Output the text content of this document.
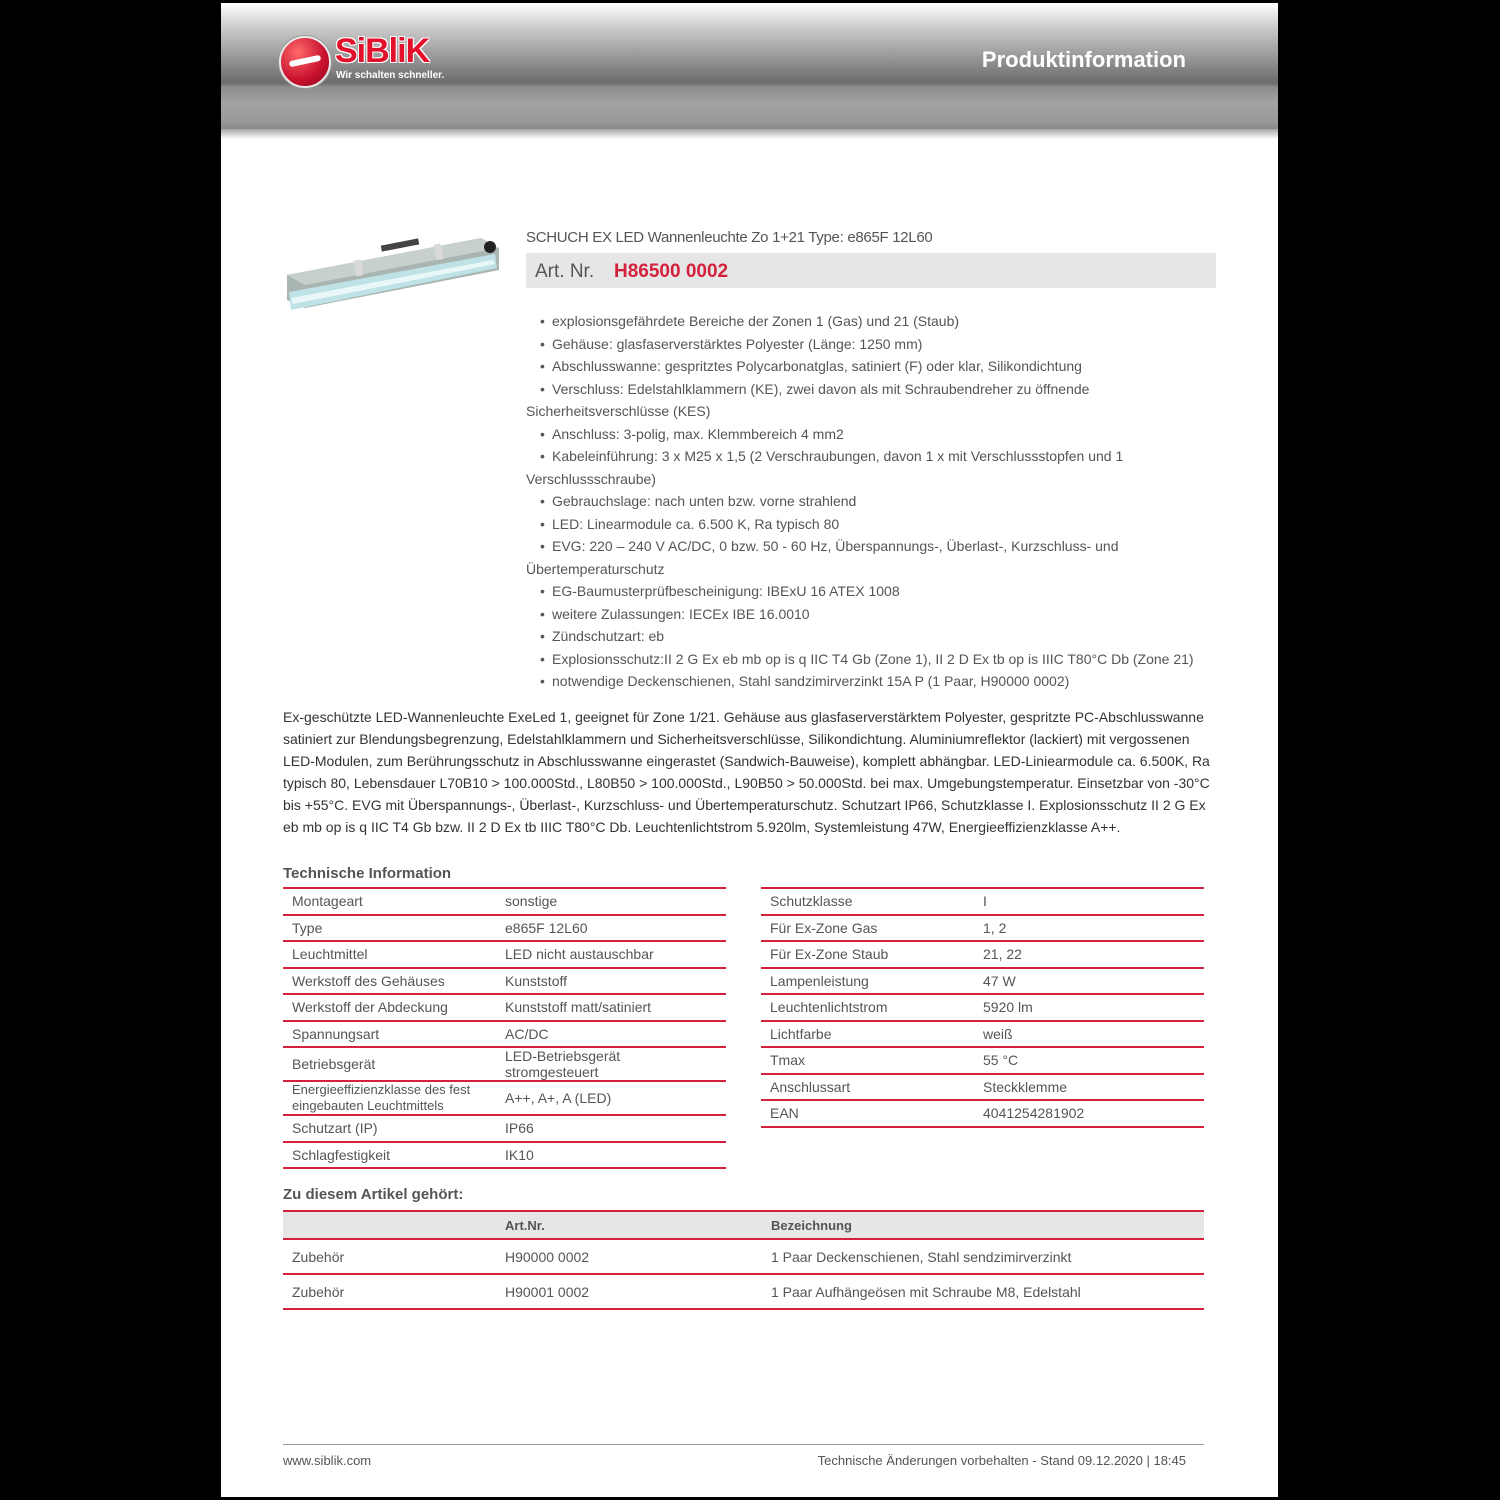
SiBliK
Wir schalten schneller.
Produktinformation
SCHUCH EX LED Wannenleuchte Zo 1+21 Type: e865F 12L60
Art. Nr. H86500 0002
• explosionsgefährdete Bereiche der Zonen 1 (Gas) und 21 (Staub)
• Gehäuse: glasfaserverstärktes Polyester (Länge: 1250 mm)
• Abschlusswanne: gespritztes Polycarbonatglas, satiniert (F) oder klar, Silikondichtung
• Verschluss: Edelstahlklammern (KE), zwei davon als mit Schraubendreher zu öffnende
Sicherheitsverschlüsse (KES)
• Anschluss: 3-polig, max. Klemmbereich 4 mm2
• Kabeleinführung: 3 x M25 x 1,5 (2 Verschraubungen, davon 1 x mit Verschlussstopfen und 1
Verschlussschraube)
• Gebrauchslage: nach unten bzw. vorne strahlend
• LED: Linearmodule ca. 6.500 K, Ra typisch 80
• EVG: 220 – 240 V AC/DC, 0 bzw. 50 - 60 Hz, Überspannungs-, Überlast-, Kurzschluss- und
Übertemperaturschutz
• EG-Baumusterprüfbescheinigung: IBExU 16 ATEX 1008
• weitere Zulassungen: IECEx IBE 16.0010
• Zündschutzart: eb
• Explosionsschutz:II 2 G Ex eb mb op is q IIC T4 Gb (Zone 1), II 2 D Ex tb op is IIIC T80°C Db (Zone 21)
• notwendige Deckenschienen, Stahl sandzimirverzinkt 15A P (1 Paar, H90000 0002)
Ex-geschützte LED-Wannenleuchte ExeLed 1, geeignet für Zone 1/21. Gehäuse aus glasfaserverstärktem Polyester, gespritzte PC-Abschlusswanne satiniert zur Blendungsbegrenzung, Edelstahlklammern und Sicherheitsverschlüsse, Silikondichtung. Aluminiumreflektor (lackiert) mit vergossenen LED-Modulen, zum Berührungsschutz in Abschlusswanne eingerastet (Sandwich-Bauweise), komplett abhängbar. LED-Liniearmodule ca. 6.500K, Ra typisch 80, Lebensdauer L70B10 > 100.000Std., L80B50 > 100.000Std., L90B50 > 50.000Std. bei max. Umgebungstemperatur. Einsetzbar von -30°C bis +55°C. EVG mit Überspannungs-, Überlast-, Kurzschluss- und Übertemperaturschutz. Schutzart IP66, Schutzklasse I. Explosionsschutz II 2 G Ex eb mb op is q IIC T4 Gb bzw. II 2 D Ex tb IIIC T80°C Db. Leuchtenlichtstrom 5.920lm, Systemleistung 47W, Energieeffizienzklasse A++.
Technische Information
Montageart	sonstige
Type	e865F 12L60
Leuchtmittel	LED nicht austauschbar
Werkstoff des Gehäuses	Kunststoff
Werkstoff der Abdeckung	Kunststoff matt/satiniert
Spannungsart	AC/DC
Betriebsgerät	LED-Betriebsgerät stromgesteuert
Energieeffizienzklasse des fest eingebauten Leuchtmittels	A++, A+, A (LED)
Schutzart (IP)	IP66
Schlagfestigkeit	IK10
Schutzklasse	I
Für Ex-Zone Gas	1, 2
Für Ex-Zone Staub	21, 22
Lampenleistung	47 W
Leuchtenlichtstrom	5920 lm
Lichtfarbe	weiß
Tmax	55 °C
Anschlussart	Steckklemme
EAN	4041254281902
Zu diesem Artikel gehört:
	Art.Nr.	Bezeichnung
Zubehör	H90000 0002	1 Paar Deckenschienen, Stahl sendzimirverzinkt
Zubehör	H90001 0002	1 Paar Aufhängeösen mit Schraube M8, Edelstahl
www.siblik.com	Technische Änderungen vorbehalten - Stand 09.12.2020 | 18:45
